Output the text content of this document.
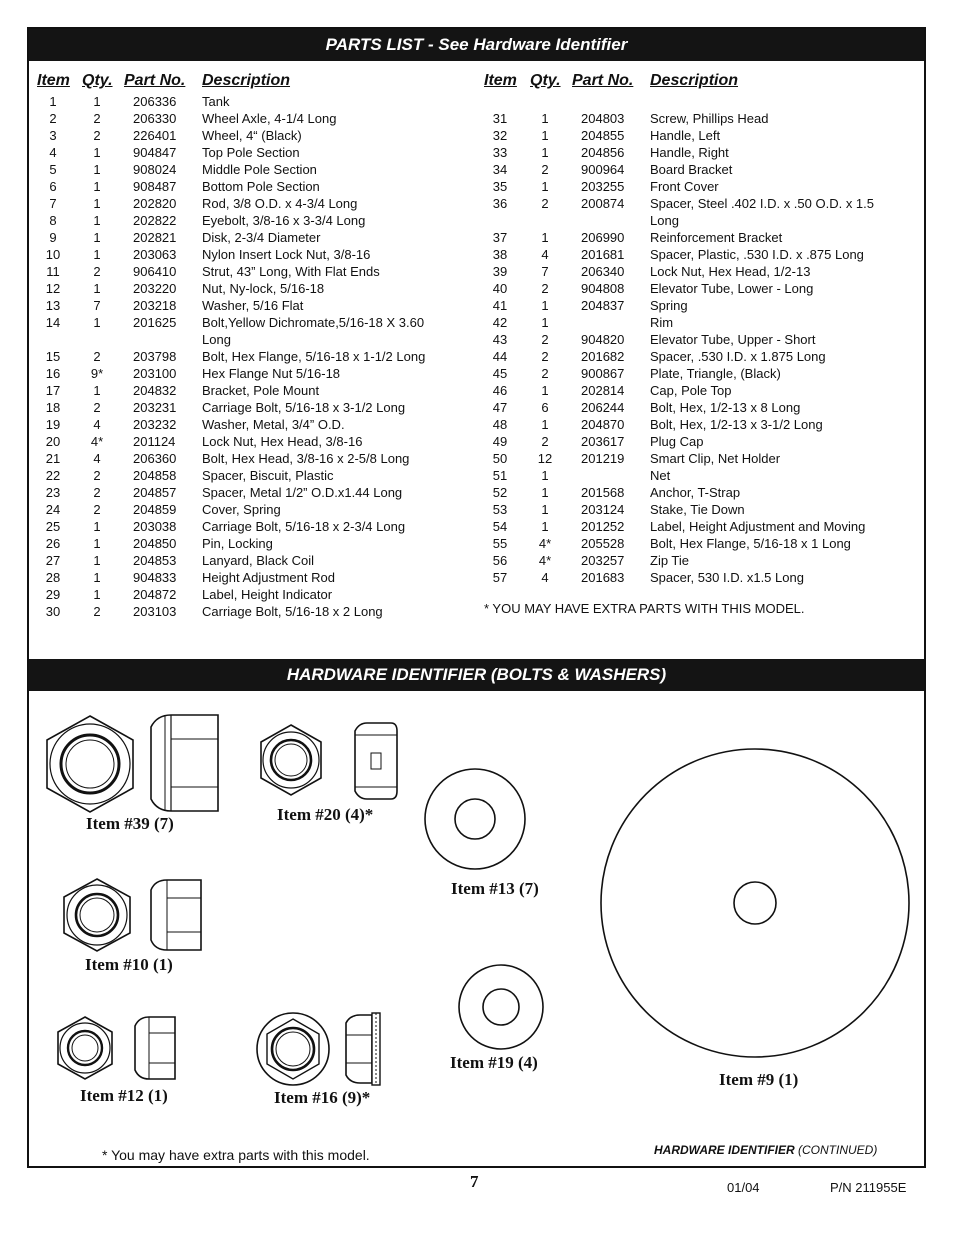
PARTS LIST - See Hardware Identifier
HARDWARE IDENTIFIER (BOLTS & WASHERS)
Item Qty. Part No. Description
1	1	206336 Tank
2	2	206330 Wheel Axle, 4-1/4 Long
3	2	226401 Wheel, 4“ (Black)
4	1	904847 Top Pole Section
5	1	908024 Middle Pole Section
6	1	908487 Bottom Pole Section
7	1	202820 Rod, 3/8 O.D. x 4-3/4 Long
8	1	202822 Eyebolt, 3/8-16 x 3-3/4 Long
9	1	202821 Disk, 2-3/4 Diameter
10	1	203063 Nylon Insert Lock Nut, 3/8-16
11	2	906410 Strut, 43” Long, With Flat Ends
12	1	203220 Nut, Ny-lock, 5/16-18
13	7	203218 Washer, 5/16 Flat
14	1	201625 Bolt,Yellow Dichromate,5/16-18 X 3.60
Long
15	2	203798 Bolt, Hex Flange, 5/16-18 x 1-1/2 Long
16	9*	203100 Hex Flange Nut 5/16-18
17	1	204832 Bracket, Pole Mount
18	2	203231 Carriage Bolt, 5/16-18 x 3-1/2 Long
19	4	203232 Washer, Metal, 3/4” O.D.
20	4*	201124 Lock Nut, Hex Head, 3/8-16
21	4	206360 Bolt, Hex Head, 3/8-16 x 2-5/8 Long
22	2	204858 Spacer, Biscuit, Plastic
23	2	204857 Spacer, Metal 1/2” O.D.x1.44 Long
24	2	204859 Cover, Spring
25	1	203038 Carriage Bolt, 5/16-18 x 2-3/4 Long
26	1	204850 Pin, Locking
27	1	204853 Lanyard, Black Coil
28	1	904833 Height Adjustment Rod
29	1	204872 Label, Height Indicator
30	2	203103 Carriage Bolt, 5/16-18 x 2 Long
Item Qty. Part No. Description
31	1	204803 Screw, Phillips Head
32	1	204855 Handle, Left
33	1	204856 Handle, Right
34	2	900964 Board Bracket
35	1	203255 Front Cover
36	2	200874 Spacer, Steel .402 I.D. x .50 O.D. x 1.5
Long
37	1	206990 Reinforcement Bracket
38	4	201681 Spacer, Plastic, .530 I.D. x .875 Long
39	7	206340 Lock Nut, Hex Head, 1/2-13
40	2	904808 Elevator Tube, Lower - Long
41	1	204837 Spring
42	1	Rim
43	2	904820 Elevator Tube, Upper - Short
44	2	201682 Spacer, .530 I.D. x 1.875 Long
45	2	900867 Plate, Triangle, (Black)
46	1	202814 Cap, Pole Top
47	6	206244 Bolt, Hex, 1/2-13 x 8 Long
48	1	204870 Bolt, Hex, 1/2-13 x 3-1/2 Long
49	2	203617 Plug Cap
50	12	201219 Smart Clip, Net Holder
51	1	Net
52	1	201568 Anchor, T-Strap
53	1	203124 Stake, Tie Down
54	1	201252 Label, Height Adjustment and Moving
55	4*	205528 Bolt, Hex Flange, 5/16-18 x 1 Long
56	4*	203257 Zip Tie
57	4	201683 Spacer, 530 I.D. x1.5 Long
* YOU MAY HAVE EXTRA PARTS WITH THIS MODEL.
Item #39 (7)	Item #20 (4)*
Item #13 (7)
Item #9 (1)
Item #10 (1)
Item #19 (4)
Item #12 (1)	Item #16 (9)*
* You may have extra parts with this model.	HARDWARE IDENTIFIER (CONTINUED)
7	01/04	P/N 211955E
